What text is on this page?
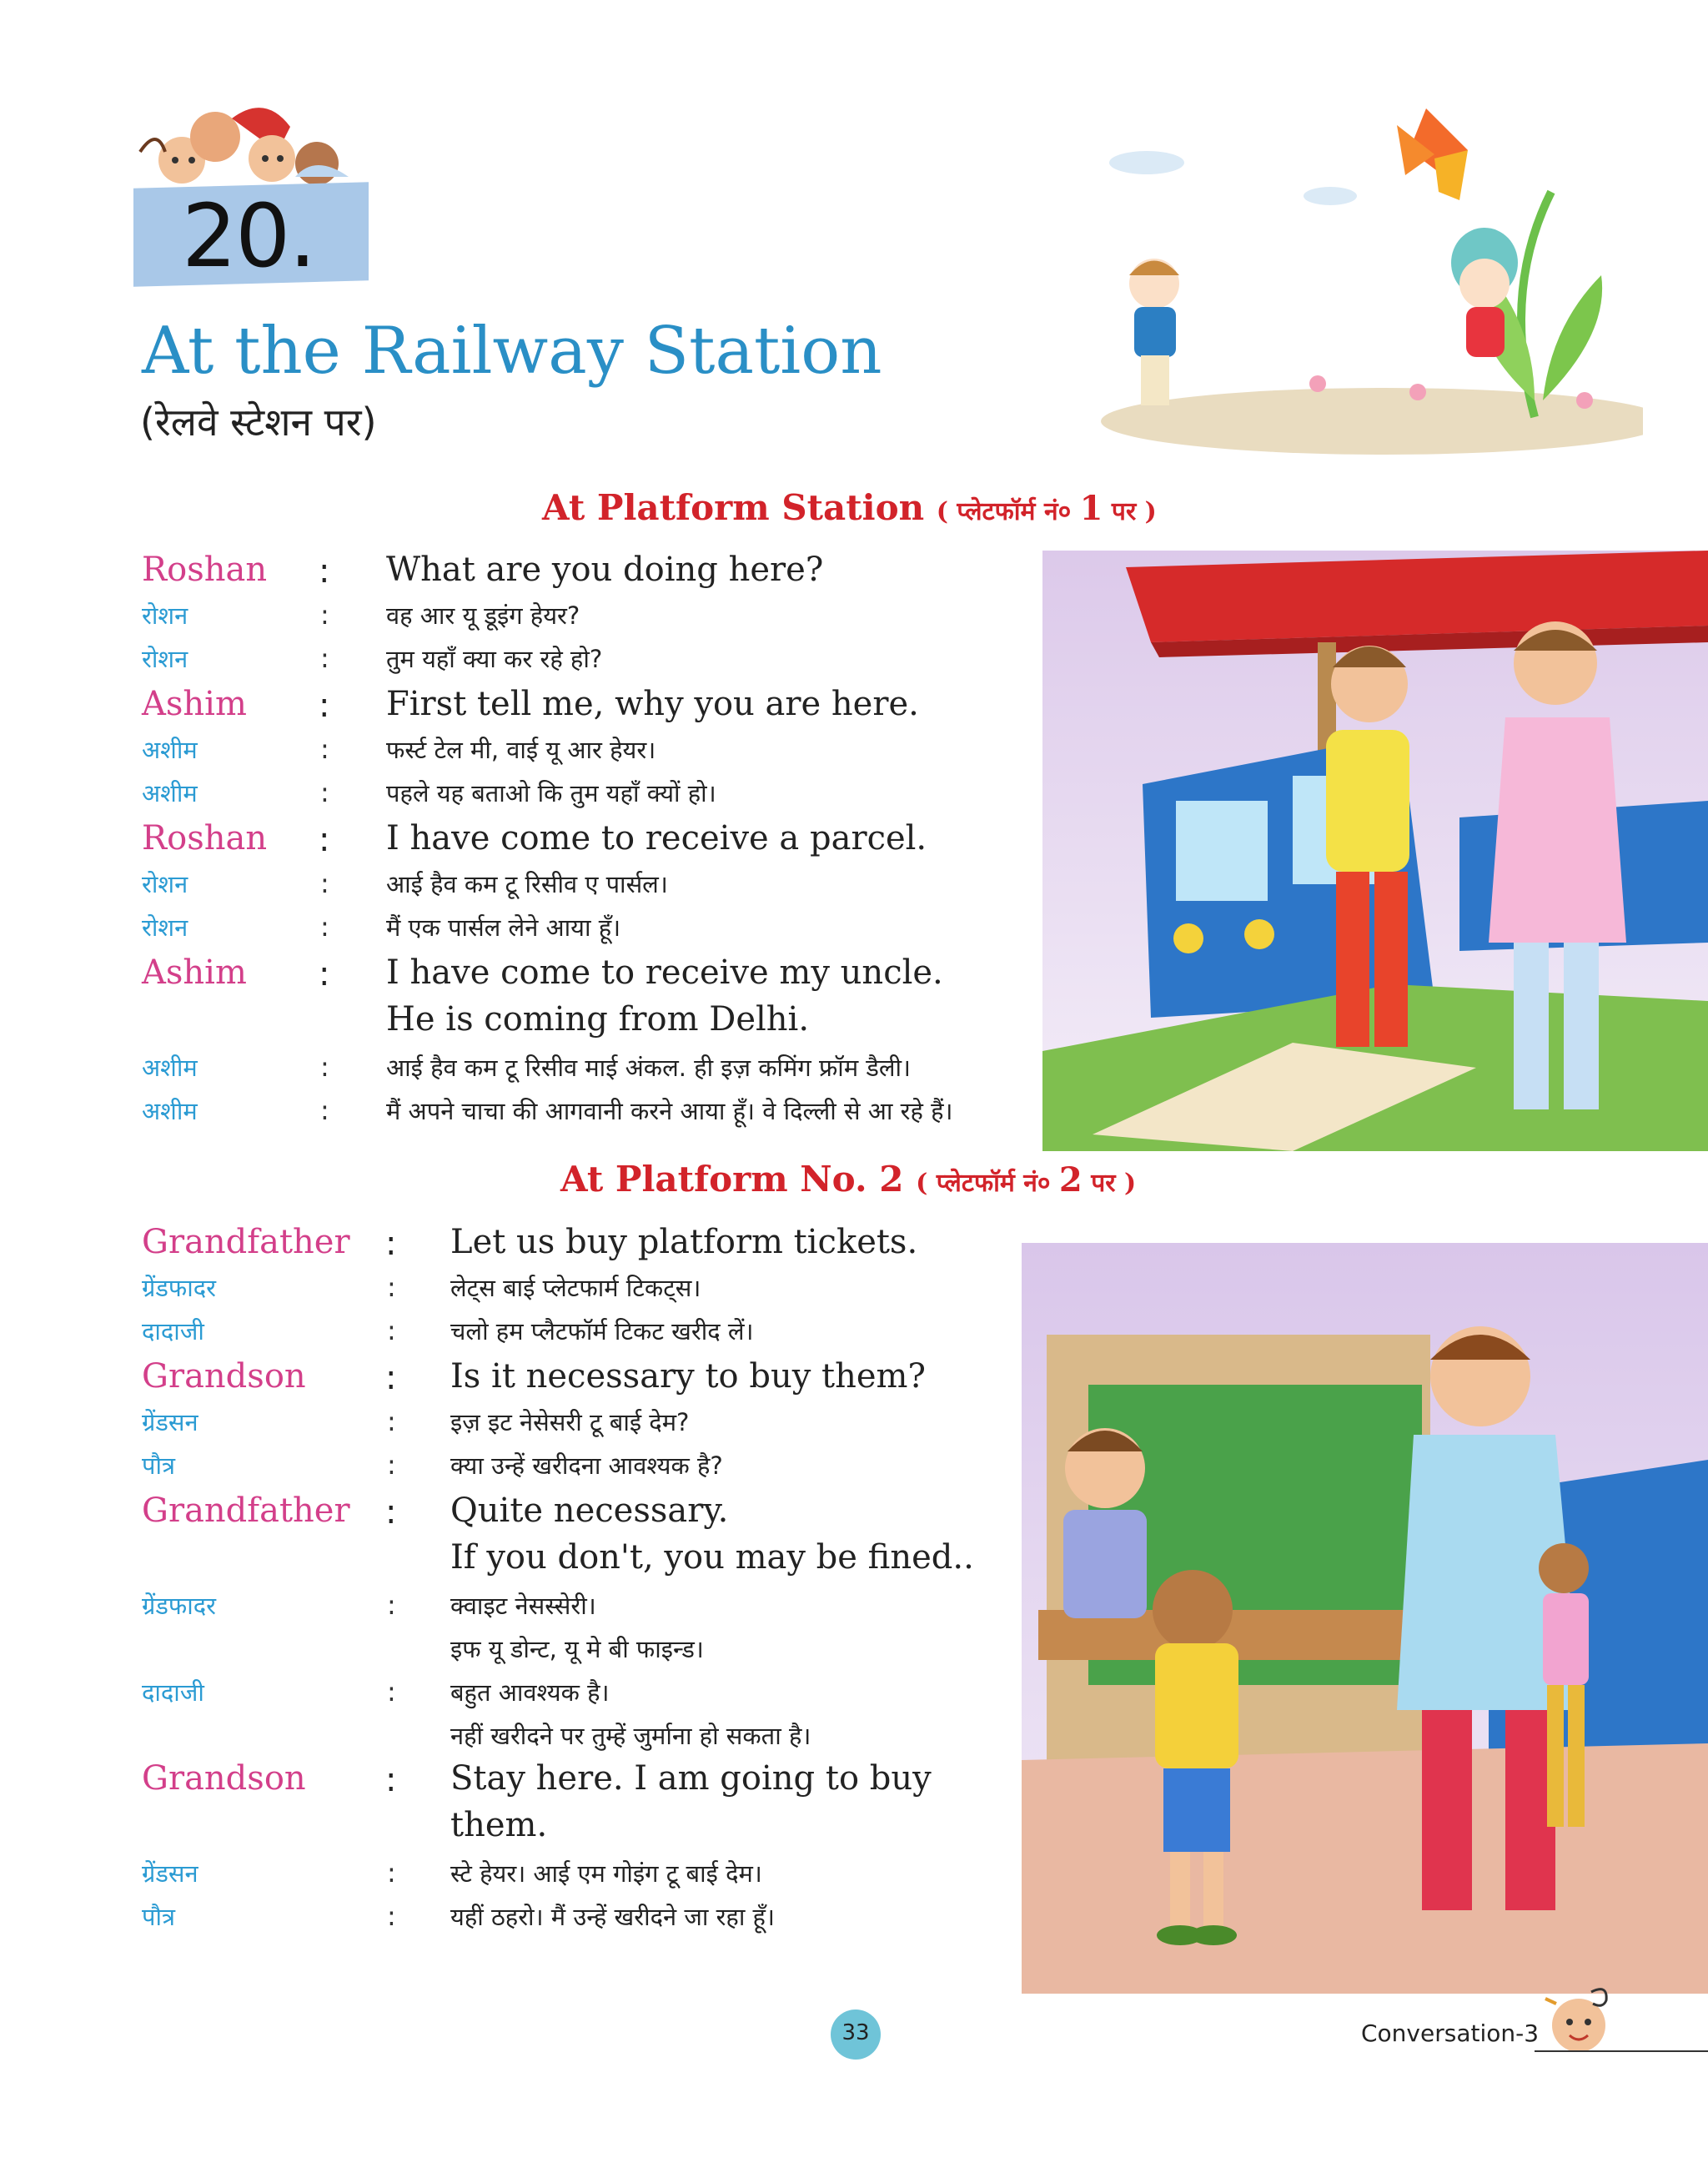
20.
At the Railway Station
(रेलवे स्टेशन पर)
At Platform Station ( प्लेटफॉर्म नं० 1 पर )
Roshan : What are you doing here?
रोशन	: वह आर यू डूइंग हेयर?
रोशन	: तुम यहाँ क्या कर रहे हो?
Ashim : First tell me, why you are here.
अशीम	: फर्स्ट टेल मी, वाई यू आर हेयर।
अशीम	: पहले यह बताओ कि तुम यहाँ क्यों हो।
Roshan : I have come to receive a parcel.
रोशन	: आई हैव कम टू रिसीव ए पार्सल।
रोशन	: मैं एक पार्सल लेने आया हूँ।
Ashim : I have come to receive my uncle.
He is coming from Delhi.
अशीम	: आई हैव कम टू रिसीव माई अंकल. ही इज़ कमिंग फ्रॉम डैली।
अशीम	: मैं अपने चाचा की आगवानी करने आया हूँ। वे दिल्ली से आ रहे हैं।
At Platform No. 2 ( प्लेटफॉर्म नं० 2 पर )
Grandfather : Let us buy platform tickets.
ग्रेंडफादर	: लेट्स बाई प्लेटफार्म टिकट्स।
दादाजी	: चलो हम प्लैटफॉर्म टिकट खरीद लें।
Grandson : Is it necessary to buy them?
ग्रेंडसन	: इज़ इट नेसेसरी टू बाई देम?
पौत्र	: क्या उन्हें खरीदना आवश्यक है?
Grandfather : Quite necessary.
If you don't, you may be fined..
ग्रेंडफादर	: क्वाइट नेसस्सेरी।
इफ यू डोन्ट, यू मे बी फाइन्ड।
दादाजी	: बहुत आवश्यक है।
नहीं खरीदने पर तुम्हें जुर्माना हो सकता है।
Grandson : Stay here. I am going to buy
them.
ग्रेंडसन	: स्टे हेयर। आई एम गोइंग टू बाई देम।
पौत्र	: यहीं ठहरो। मैं उन्हें खरीदने जा रहा हूँ।
33	Conversation-3
